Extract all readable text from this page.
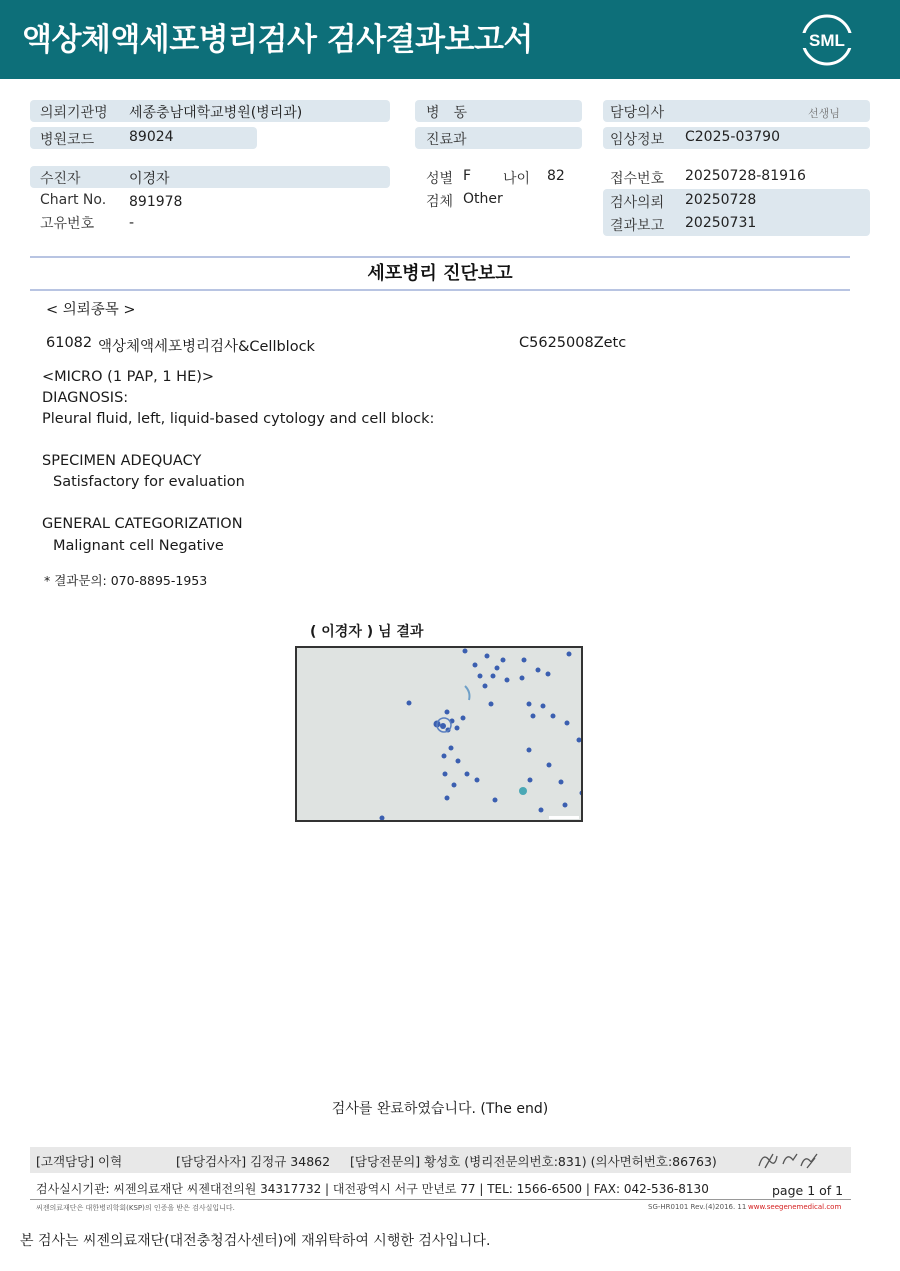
액상체액세포병리검사 검사결과보고서	SML
의뢰기관명 세종충남대학교병원(병리과)
병원코드 89024
수진자	이경자
Chart No. 891978
고유번호 -
병　동
진료과
성별 F 나이 82
검체 Other
담당의사	선생님
임상정보 C2025-03790
접수번호 20250728-81916
검사의뢰 20250728
결과보고 20250731
세포병리 진단보고
< 의뢰종목 >
61082 액상체액세포병리검사&Cellblock	C5625008Zetc
<MICRO (1 PAP, 1 HE)>
DIAGNOSIS:
Pleural fluid, left, liquid-based cytology and cell block:
SPECIMEN ADEQUACY
Satisfactory for evaluation
GENERAL CATEGORIZATION
Malignant cell Negative
* 결과문의: 070-8895-1953
( 이경자 ) 님 결과
검사를 완료하였습니다. (The end)
[고객담당] 이혁	[담당검사자] 김정규 34862 [담당전문의] 황성호 (병리전문의번호:831) (의사면허번호:86763)
검사실시기관: 씨젠의료재단 씨젠대전의원 34317732 | 대전광역시 서구 만년로 77 | TEL: 1566-6500 | FAX: 042-536-8130	page 1 of 1
씨젠의료재단은 대한병리학회(KSP)의 인증을 받은 검사실입니다.	SG-HR0101 Rev.(4)2016. 11 www.seegenemedical.com
본 검사는 씨젠의료재단(대전충청검사센터)에 재위탁하여 시행한 검사입니다.
